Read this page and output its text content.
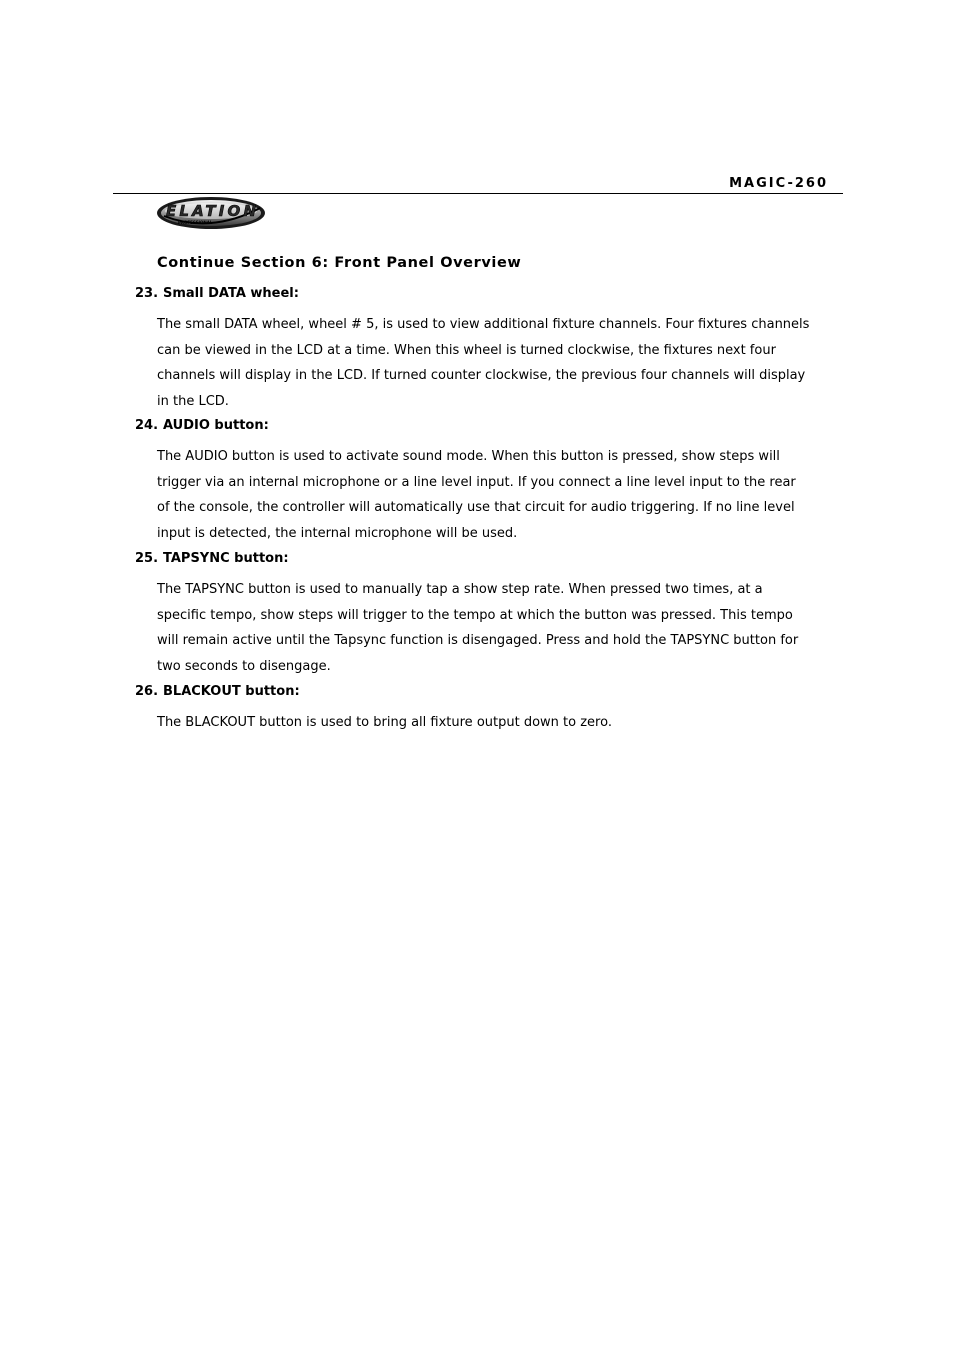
MAGIC-260
ELATION
PROFESSIONAL
Continue Section 6: Front Panel Overview
23. Small DATA wheel:

The small DATA wheel, wheel # 5, is used to view additional fixture channels. Four fixtures channels

can be viewed in the LCD at a time. When this wheel is turned clockwise, the fixtures next four

channels will display in the LCD. If turned counter clockwise, the previous four channels will display

in the LCD.

24. AUDIO button:

The AUDIO button is used to activate sound mode. When this button is pressed, show steps will

trigger via an internal microphone or a line level input. If you connect a line level input to the rear

of the console, the controller will automatically use that circuit for audio triggering. If no line level

input is detected, the internal microphone will be used.

25. TAPSYNC button:

The TAPSYNC button is used to manually tap a show step rate. When pressed two times, at a

specific tempo, show steps will trigger to the tempo at which the button was pressed. This tempo

will remain active until the Tapsync function is disengaged. Press and hold the TAPSYNC button for

two seconds to disengage.

26. BLACKOUT button:

The BLACKOUT button is used to bring all fixture output down to zero.
